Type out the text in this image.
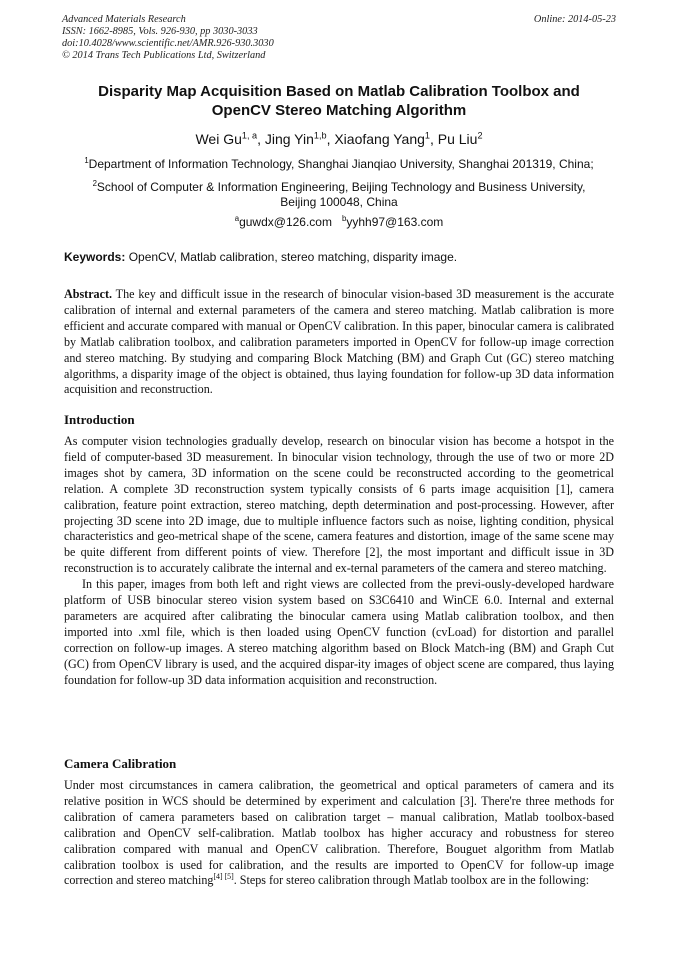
Advanced Materials Research	Online: 2014-05-23
ISSN: 1662-8985, Vols. 926-930, pp 3030-3033
doi:10.4028/www.scientific.net/AMR.926-930.3030
© 2014 Trans Tech Publications Ltd, Switzerland
Disparity Map Acquisition Based on Matlab Calibration Toolbox and
OpenCV Stereo Matching Algorithm
Wei Gu$^{1, a}$, Jing Yin$^{1,b}$, Xiaofang Yang$^1$, Pu Liu$^2$
$^1$Department of Information Technology, Shanghai Jianqiao University, Shanghai 201319, China;
$^2$School of Computer & Information Engineering, Beijing Technology and Business University,
Beijing 100048, China
$^a$guwdx@126.com $^b$yyhh97@163.com
Keywords: OpenCV, Matlab calibration, stereo matching, disparity image.

Abstract. The key and difficult issue in the research of binocular vision-based 3D measurement is the accurate calibration of internal and external parameters of the camera and stereo matching. Matlab calibration is more efficient and accurate compared with manual or OpenCV calibration. In this paper, binocular camera is calibrated by Matlab calibration toolbox, and calibration parameters imported in OpenCV for follow-up image correction and stereo matching. By studying and comparing Block Matching (BM) and Graph Cut (GC) stereo matching algorithms, a disparity image of the object is obtained, thus laying foundation for follow-up 3D data information acquisition and reconstruction.

Introduction

As computer vision technologies gradually develop, research on binocular vision has become a hotspot in the field of computer-based 3D measurement. In binocular vision technology, through the use of two or more 2D images shot by camera, 3D information on the scene could be reconstructed according to the geometrical relation. A complete 3D reconstruction system typically consists of 6 parts image acquisition [1], camera calibration, feature point extraction, stereo matching, depth determination and post-processing. However, after projecting 3D scene into 2D image, due to multiple influence factors such as noise, lighting condition, physical characteristics and geo-metrical shape of the scene, camera features and distortion, image of the same scene may be quite different from different points of view. Therefore [2], the most important and difficult issue in 3D reconstruction is to accurately calibrate the internal and ex-ternal parameters of the camera and stereo matching.

In this paper, images from both left and right views are collected from the previ-ously-developed hardware platform of USB binocular stereo vision system based on S3C6410 and WinCE 6.0. Internal and external parameters are acquired after calibrating the binocular camera using Matlab calibration toolbox, and then imported into .xml file, which is then loaded using OpenCV function (cvLoad) for distortion and parallel correction on follow-up images. A stereo matching algorithm based on Block Match-ing (BM) and Graph Cut (GC) from OpenCV library is used, and the acquired dispar-ity images of object scene are compared, thus laying foundation for follow-up 3D data information acquisition and reconstruction.

Camera Calibration

Under most circumstances in camera calibration, the geometrical and optical parameters of camera and its relative position in WCS should be determined by experiment and calculation [3]. There're three methods for calibration of camera parameters based on calibration target – manual calibration, Matlab toolbox-based calibration and OpenCV self-calibration. Matlab toolbox has higher accuracy and robustness for stereo calibration compared with manual and OpenCV calibration. Therefore, Bouguet algorithm from Matlab calibration toolbox is used for calibration, and the results are imported to OpenCV for follow-up image correction and stereo matching[4] [5]. Steps for stereo calibration through Matlab toolbox are in the following:
